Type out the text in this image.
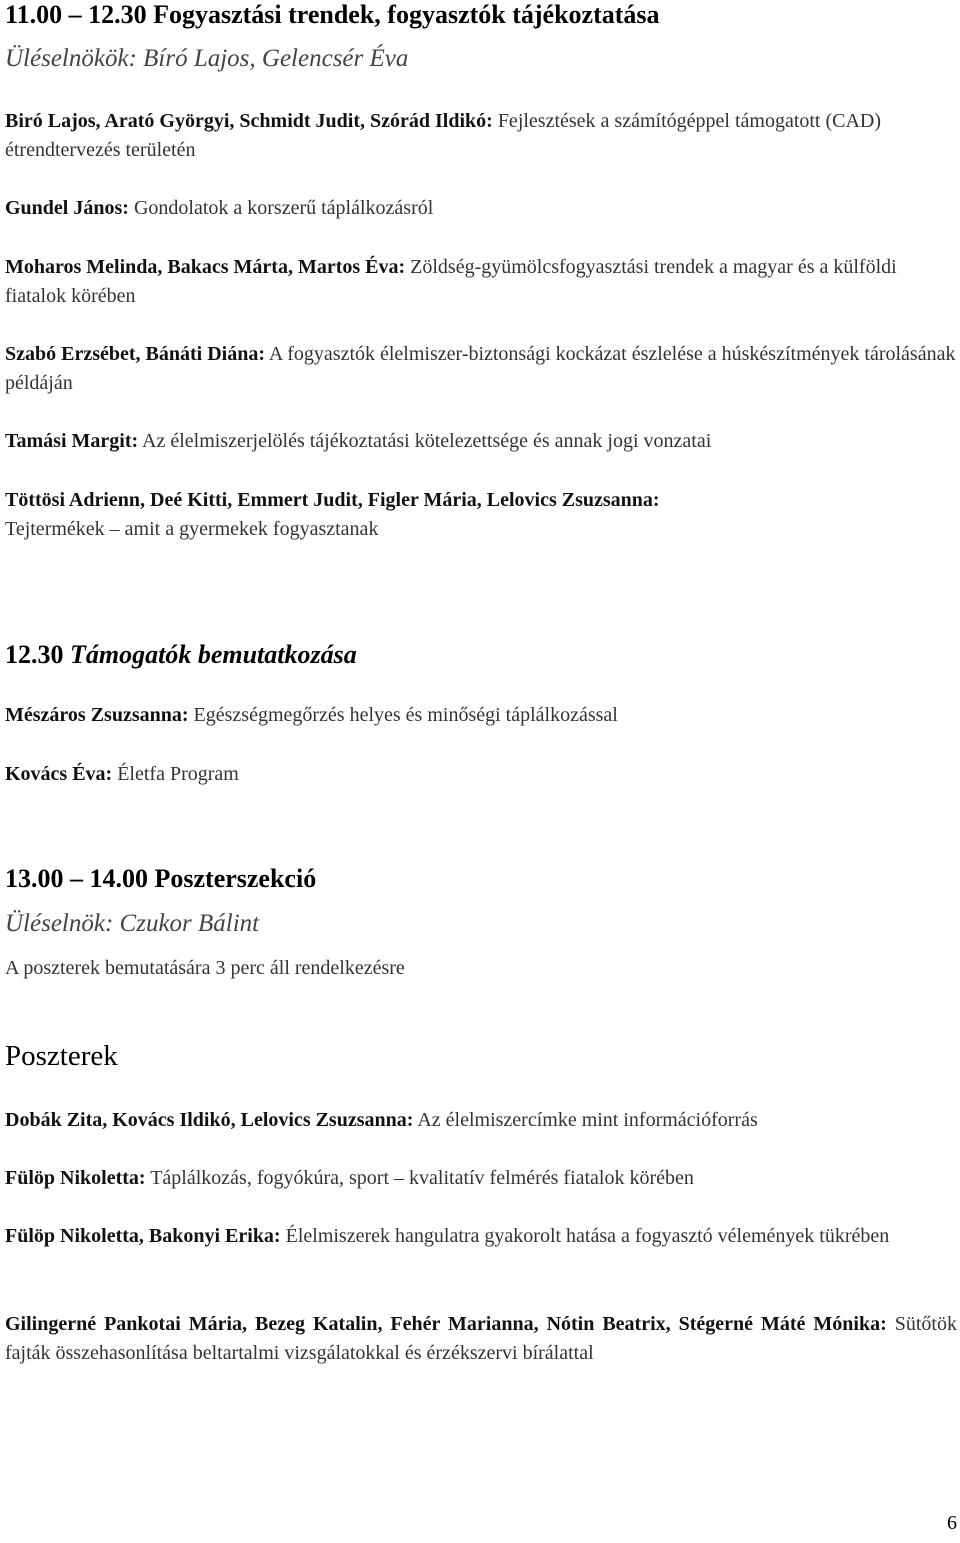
11.00 – 12.30 Fogyasztási trendek, fogyasztók tájékoztatása
Üléselnökök: Bíró Lajos, Gelencsér Éva

Biró Lajos, Arató Györgyi, Schmidt Judit, Szórád Ildikó: Fejlesztések a számítógéppel támogatott (CAD) étrendtervezés területén

Gundel János: Gondolatok a korszerű táplálkozásról

Moharos Melinda, Bakacs Márta, Martos Éva: Zöldség-gyümölcsfogyasztási trendek a magyar és a külföldi fiatalok körében

Szabó Erzsébet, Bánáti Diána: A fogyasztók élelmiszer-biztonsági kockázat észlelése a húskészítmények tárolásának példáján

Tamási Margit: Az élelmiszerjelölés tájékoztatási kötelezettsége és annak jogi vonzatai

Töttösi Adrienn, Deé Kitti, Emmert Judit, Figler Mária, Lelovics Zsuzsanna:
Tejtermékek – amit a gyermekek fogyasztanak

12.30 Támogatók bemutatkozása

Mészáros Zsuzsanna: Egészségmegőrzés helyes és minőségi táplálkozással

Kovács Éva: Életfa Program

13.00 – 14.00 Poszterszekció
Üléselnök: Czukor Bálint
A poszterek bemutatására 3 perc áll rendelkezésre
Poszterek

Dobák Zita, Kovács Ildikó, Lelovics Zsuzsanna: Az élelmiszercímke mint információforrás

Fülöp Nikoletta: Táplálkozás, fogyókúra, sport – kvalitatív felmérés fiatalok körében

Fülöp Nikoletta, Bakonyi Erika: Élelmiszerek hangulatra gyakorolt hatása a fogyasztó vélemények tükrében

Gilingerné Pankotai Mária, Bezeg Katalin, Fehér Marianna, Nótin Beatrix, Stégerné Máté Mónika: Sütőtök fajták összehasonlítása beltartalmi vizsgálatokkal és érzékszervi bírálattal

6
